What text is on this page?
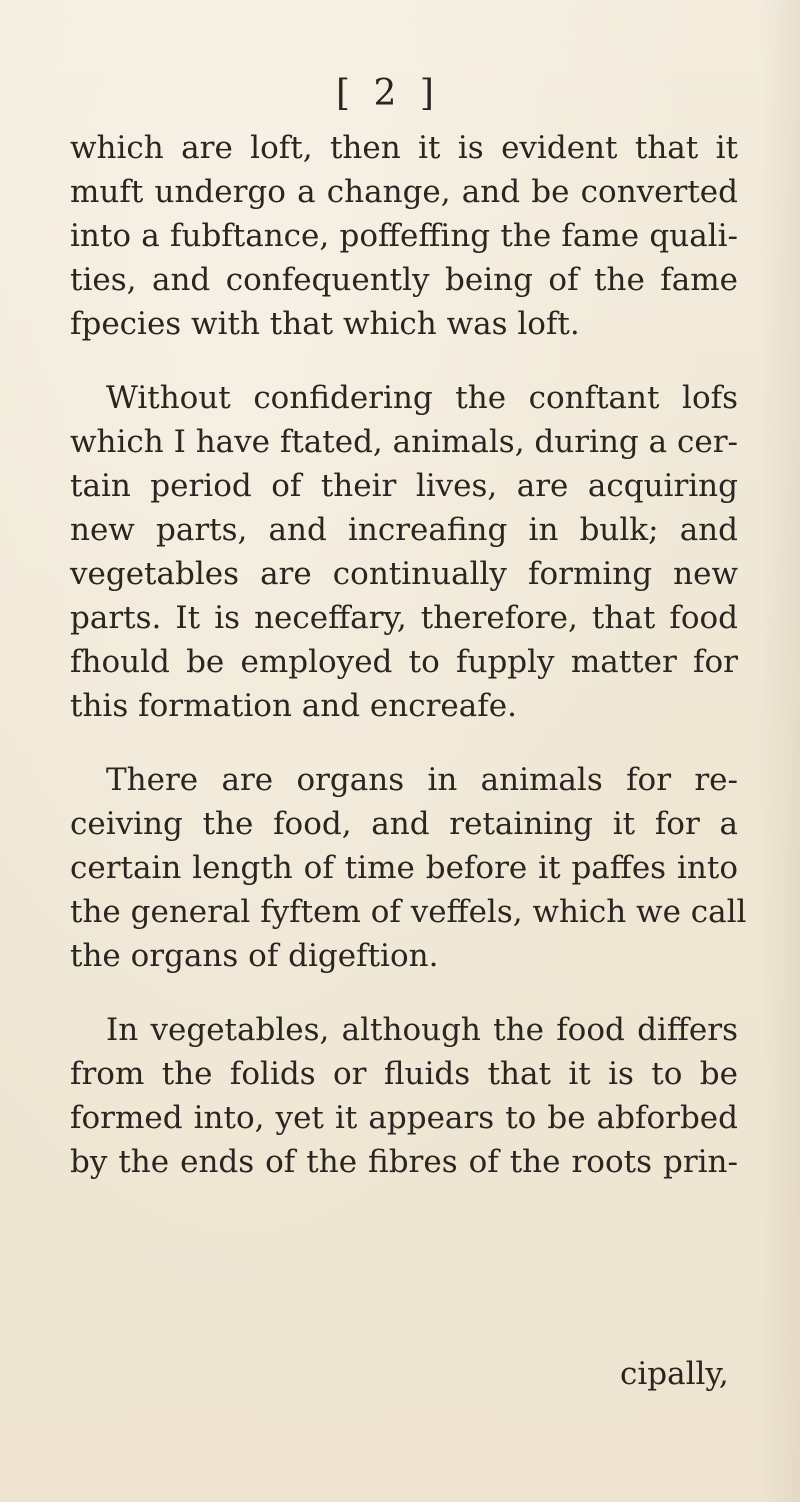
[ 2 ]
which are loft, then it is evident that it
muft undergo a change, and be converted
into a fubftance, poffeffing the fame quali-
ties, and confequently being of the fame
fpecies with that which was loft.
Without confidering the conftant lofs
which I have ftated, animals, during a cer-
tain period of their lives, are acquiring
new parts, and increafing in bulk; and
vegetables are continually forming new
parts. It is neceffary, therefore, that food
fhould be employed to fupply matter for
this formation and encreafe.
There are organs in animals for re-
ceiving the food, and retaining it for a
certain length of time before it paffes into
the general fyftem of veffels, which we call
the organs of digeftion.
In vegetables, although the food differs
from the folids or fluids that it is to be
formed into, yet it appears to be abforbed
by the ends of the fibres of the roots prin-
cipally,
